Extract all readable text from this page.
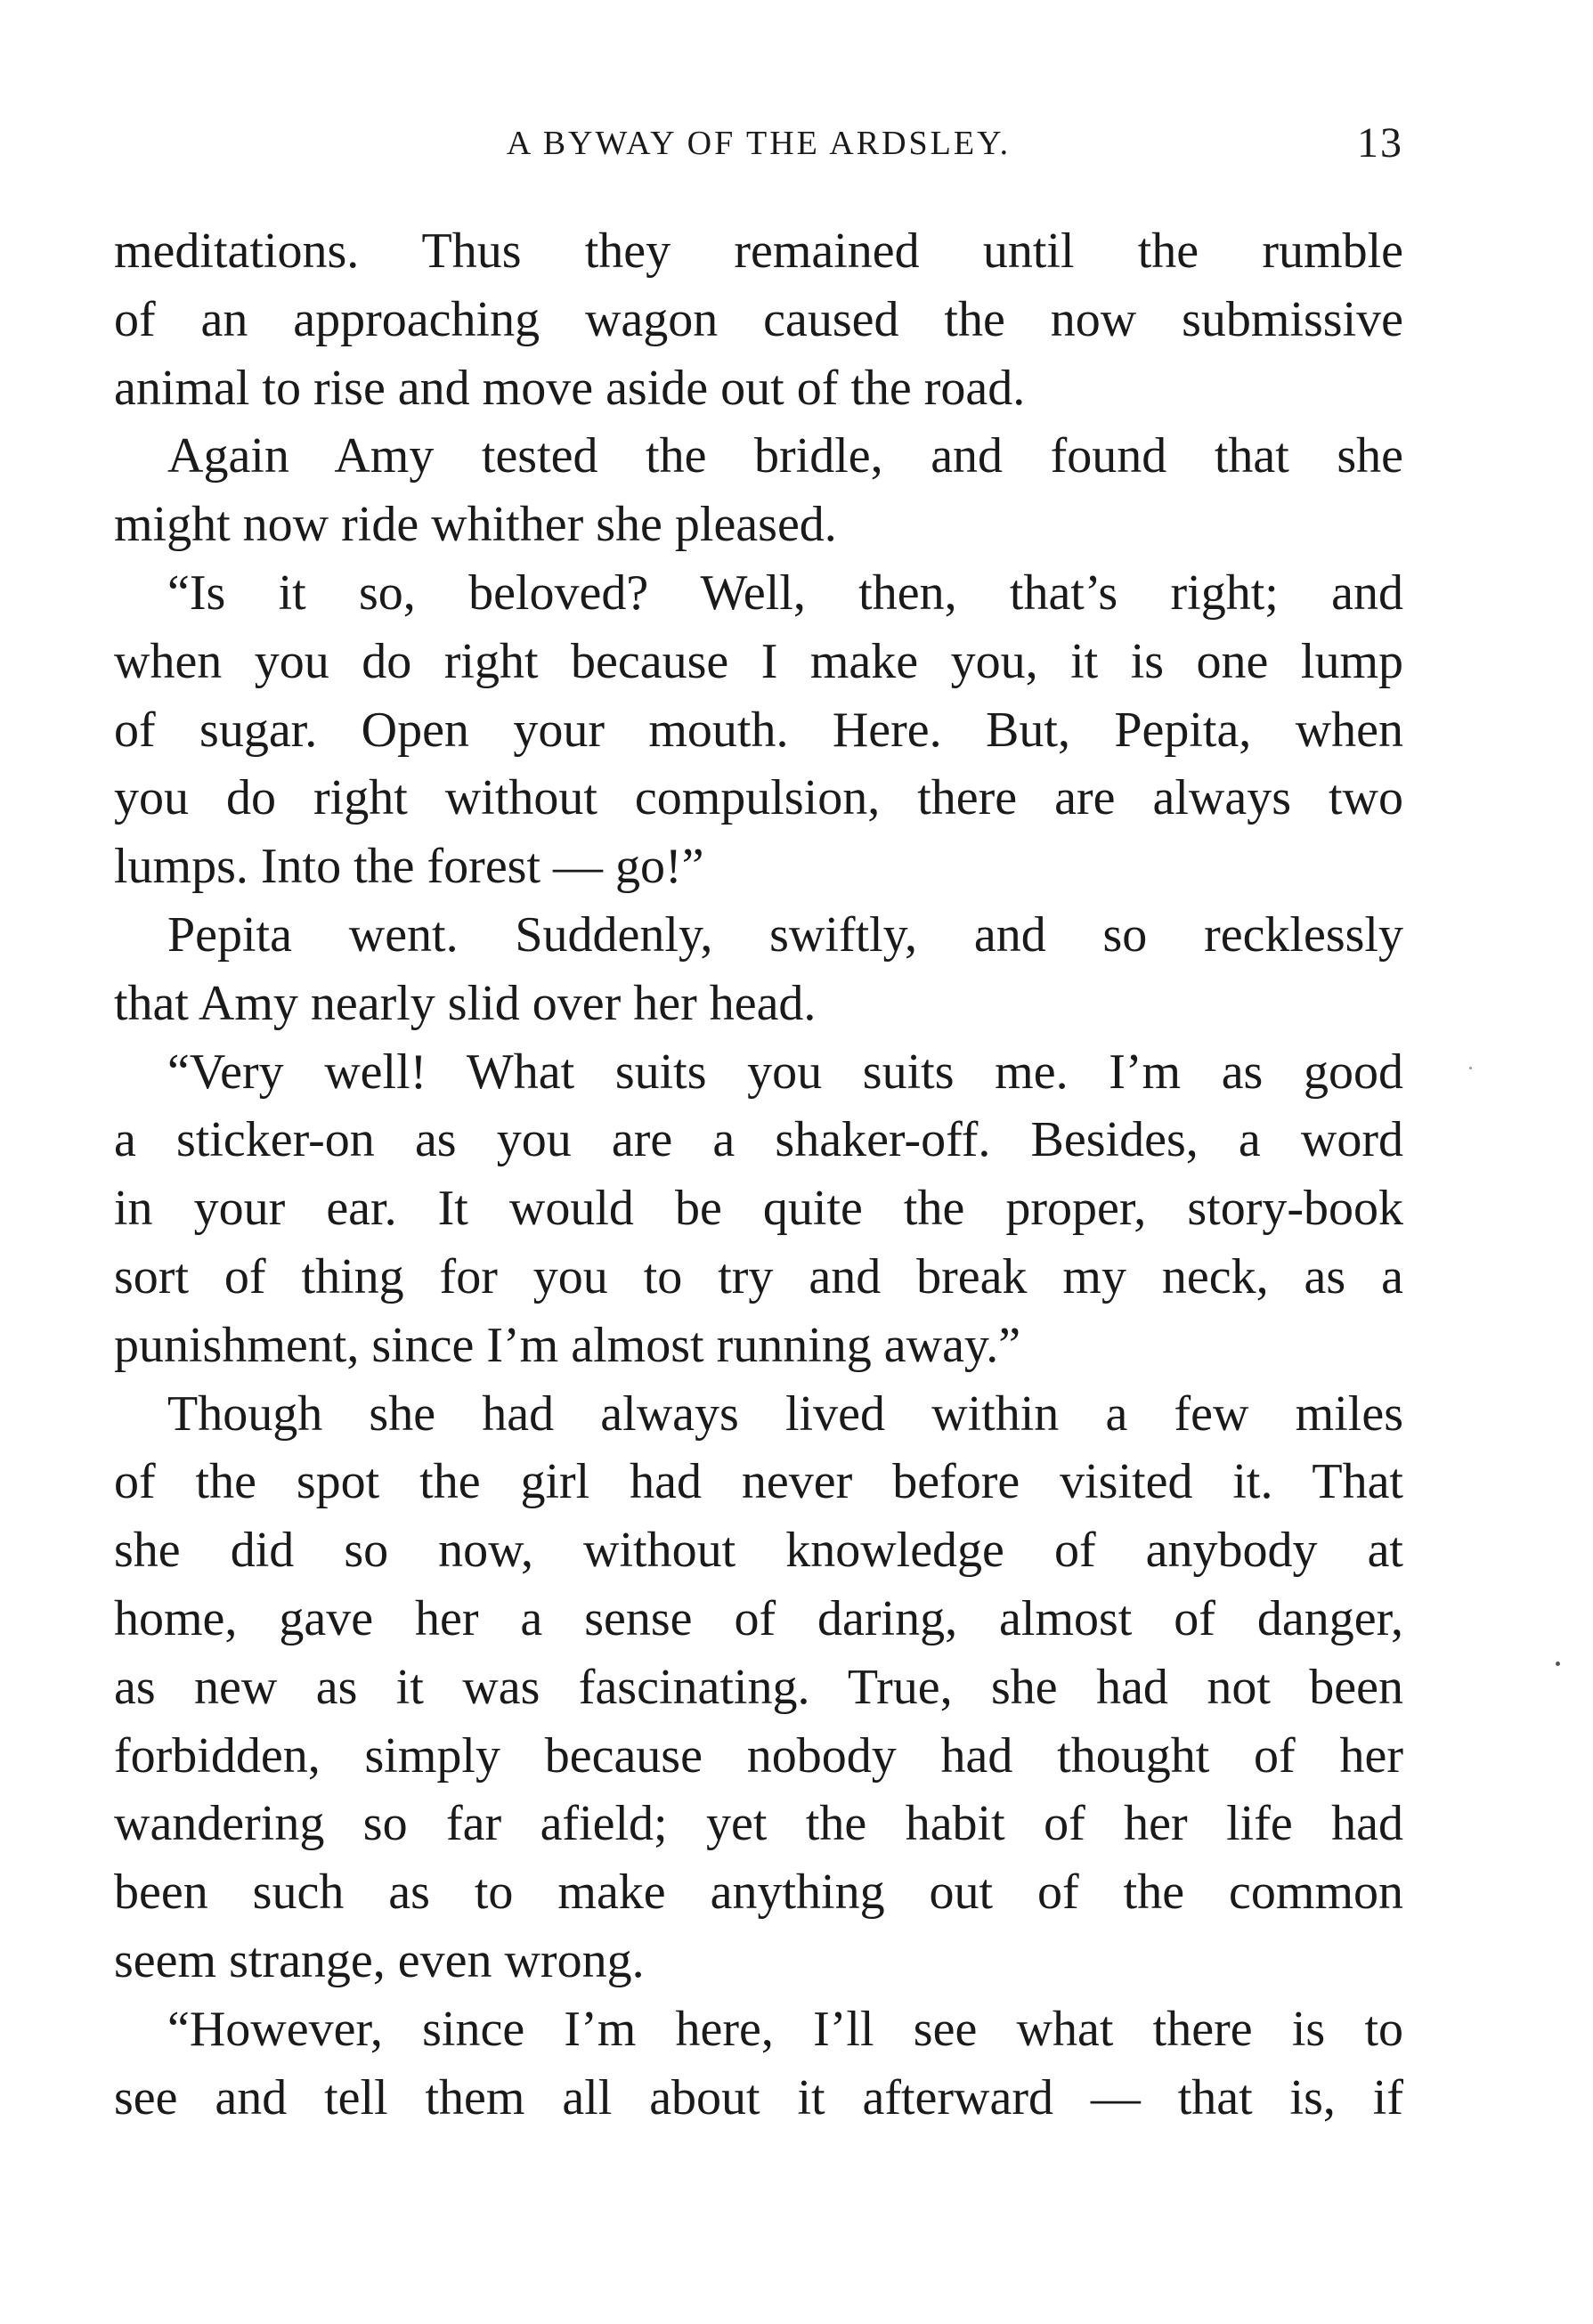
A BYWAY OF THE ARDSLEY.	13

meditations. Thus they remained until the rumble

of an approaching wagon caused the now submissive

animal to rise and move aside out of the road.

Again Amy tested the bridle, and found that she

might now ride whither she pleased.

“Is it so, beloved? Well, then, that’s right; and

when you do right because I make you, it is one lump

of sugar. Open your mouth. Here. But, Pepita, when

you do right without compulsion, there are always two

lumps. Into the forest — go!”

Pepita went. Suddenly, swiftly, and so recklessly

that Amy nearly slid over her head.

“Very well! What suits you suits me. I’m as good

a sticker-on as you are a shaker-off. Besides, a word

in your ear. It would be quite the proper, story-book

sort of thing for you to try and break my neck, as a

punishment, since I’m almost running away.”

Though she had always lived within a few miles

of the spot the girl had never before visited it. That

she did so now, without knowledge of anybody at

home, gave her a sense of daring, almost of danger,

as new as it was fascinating. True, she had not been

forbidden, simply because nobody had thought of her

wandering so far afield; yet the habit of her life had

been such as to make anything out of the common

seem strange, even wrong.

“However, since I’m here, I’ll see what there is to

see and tell them all about it afterward — that is, if
